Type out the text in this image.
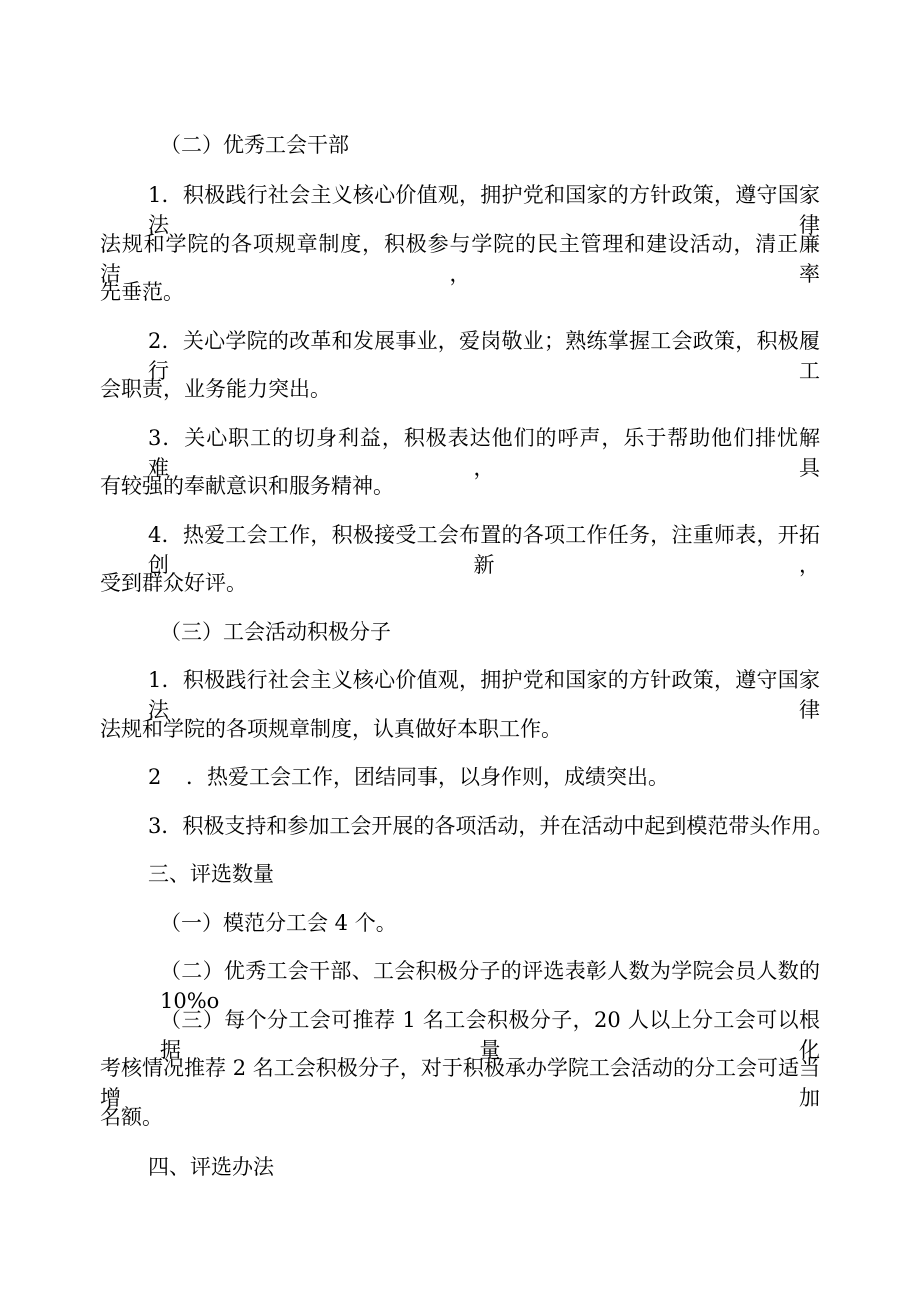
（二）优秀工会干部
1．积极践行社会主义核心价值观，拥护党和国家的方针政策，遵守国家法律
法规和学院的各项规章制度，积极参与学院的民主管理和建设活动，清正廉洁，率
先垂范。
2．关心学院的改革和发展事业，爱岗敬业；熟练掌握工会政策，积极履行工
会职责，业务能力突出。
3．关心职工的切身利益，积极表达他们的呼声，乐于帮助他们排忧解难，具
有较强的奉献意识和服务精神。
4．热爱工会工作，积极接受工会布置的各项工作任务，注重师表，开拓创新，
受到群众好评。
（三）工会活动积极分子
1．积极践行社会主义核心价值观，拥护党和国家的方针政策，遵守国家法律
法规和学院的各项规章制度，认真做好本职工作。
2 ．热爱工会工作，团结同事，以身作则，成绩突出。
3．积极支持和参加工会开展的各项活动，并在活动中起到模范带头作用。
三、评选数量
（一）模范分工会 4 个。
（二）优秀工会干部、工会积极分子的评选表彰人数为学院会员人数的 10%o
（三）每个分工会可推荐 1 名工会积极分子，20 人以上分工会可以根据量化
考核情况推荐 2 名工会积极分子，对于积极承办学院工会活动的分工会可适当增加
名额。
四、评选办法
